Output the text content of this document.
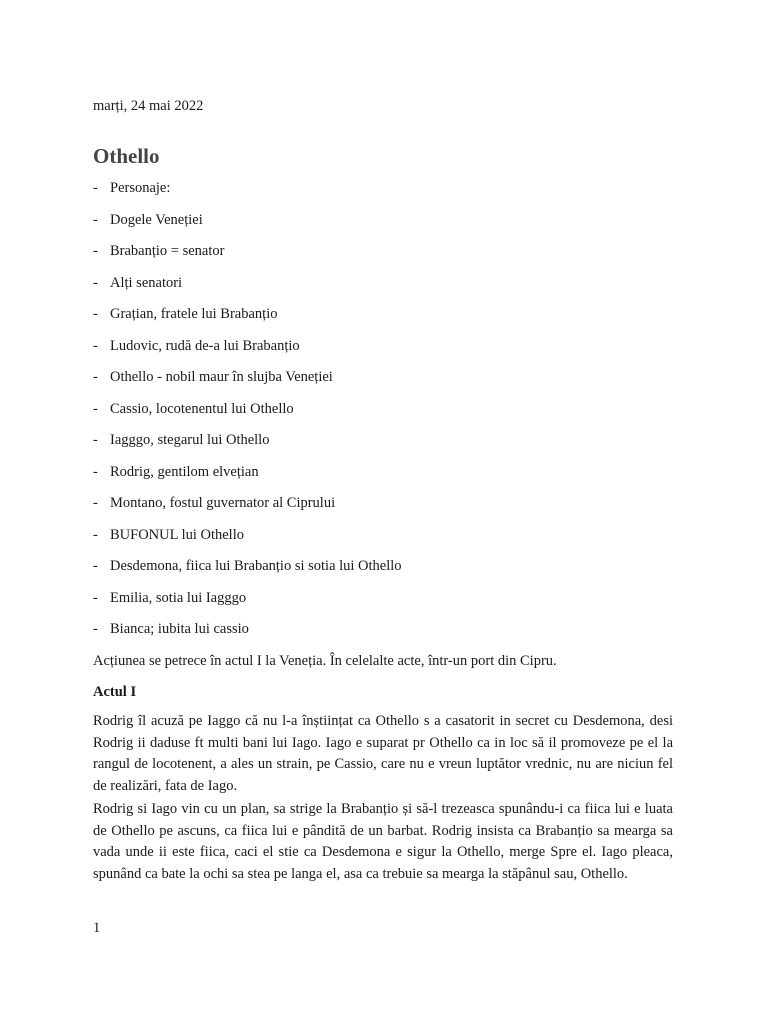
marți, 24 mai 2022
Othello
- Personaje:
- Dogele Veneției
- Brabanțio = senator
- Alți senatori
- Grațian, fratele lui Brabanțio
- Ludovic, rudă de-a lui Brabanțio
- Othello - nobil maur în slujba Veneției
- Cassio, locotenentul lui Othello
- Iagggo, stegarul lui Othello
- Rodrig, gentilom elvețian
- Montano, fostul guvernator al Ciprului
- BUFONUL lui Othello
- Desdemona, fiica lui Brabanțio si sotia lui Othello
- Emilia, sotia lui Iagggo
- Bianca; iubita lui cassio
Acțiunea se petrece în actul I la Veneția. În celelalte acte, într-un port din Cipru.
Actul I

Rodrig îl acuză pe Iaggo că nu l-a înștiințat ca Othello s a casatorit in secret cu Desdemona, desi Rodrig ii daduse ft multi bani lui Iago. Iago e suparat pr Othello ca in loc să il promoveze pe el la rangul de locotenent, a ales un strain, pe Cassio, care nu e vreun luptător vrednic, nu are niciun fel de realizări, fata de Iago.

Rodrig si Iago vin cu un plan, sa strige la Brabanțio și să-l trezeasca spunându-i ca fiica lui e luata de Othello pe ascuns, ca fiica lui e pândită de un barbat. Rodrig insista ca Brabanțio sa mearga sa vada unde ii este fiica, caci el stie ca Desdemona e sigur la Othello, merge Spre el. Iago pleaca, spunând ca bate la ochi sa stea pe langa el, asa ca trebuie sa mearga la stăpânul sau, Othello.

1
